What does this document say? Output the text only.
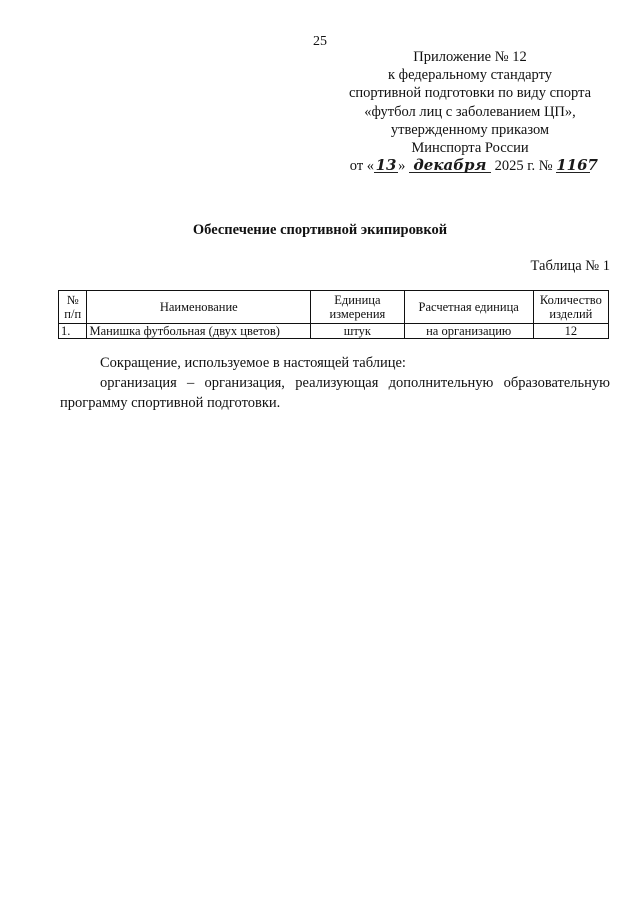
25
Приложение № 12
к федеральному стандарту
спортивной подготовки по виду спорта
«футбол лиц с заболеванием ЦП»,
утвержденному приказом
Минспорта России
от « 13 » декабря 2025 г. № 1167
Обеспечение спортивной экипировкой
Таблица № 1
№ п/п	Наименование	Единица измерения	Расчетная единица	Количество изделий
1.	Манишка футбольная (двух цветов)	штук	на организацию	12
Сокращение, используемое в настоящей таблице:
организация – организация, реализующая дополнительную образовательную программу спортивной подготовки.
